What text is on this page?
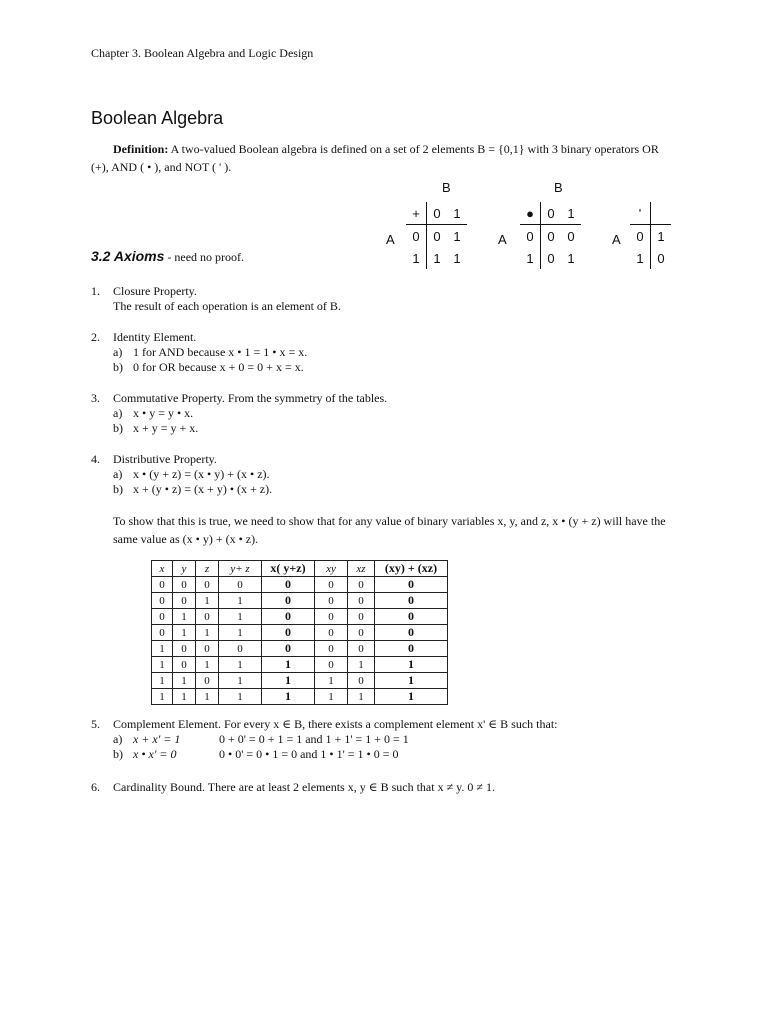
Chapter 3. Boolean Algebra and Logic Design
Boolean Algebra
Definition: A two-valued Boolean algebra is defined on a set of 2 elements B = {0,1} with 3 binary operators OR (+), AND ( • ), and NOT ( ' ).
B
A
+	0	1
0	0	1
1	1	1
B
A
●	0	1
0	0	0
1	0	1
A
'	
0	1
1	0
3.2 Axioms - need no proof.
1. Closure Property.
The result of each operation is an element of B.
2. Identity Element.
a) 1 for AND because x • 1 = 1 • x = x.
b) 0 for OR because x + 0 = 0 + x = x.
3. Commutative Property. From the symmetry of the tables.
a) x • y = y • x.
b) x + y = y + x.
4. Distributive Property.
a) x • (y + z) = (x • y) + (x • z).
b) x + (y • z) = (x + y) • (x + z).
To show that this is true, we need to show that for any value of binary variables x, y, and z, x • (y + z) will have the same value as (x • y) + (x • z).
x	y	z	y+ z	x( y+z)	xy	xz	(xy) + (xz)
0	0	0	0	0	0	0	0
0	0	1	1	0	0	0	0
0	1	0	1	0	0	0	0
0	1	1	1	0	0	0	0
1	0	0	0	0	0	0	0
1	0	1	1	1	0	1	1
1	1	0	1	1	1	0	1
1	1	1	1	1	1	1	1
5. Complement Element. For every x ∈ B, there exists a complement element x' ∈ B such that:
a) x + x' = 1	0 + 0' = 0 + 1 = 1 and 1 + 1' = 1 + 0 = 1
b) x • x' = 0	0 • 0' = 0 • 1 = 0 and 1 • 1' = 1 • 0 = 0
6. Cardinality Bound. There are at least 2 elements x, y ∈ B such that x ≠ y. 0 ≠ 1.
